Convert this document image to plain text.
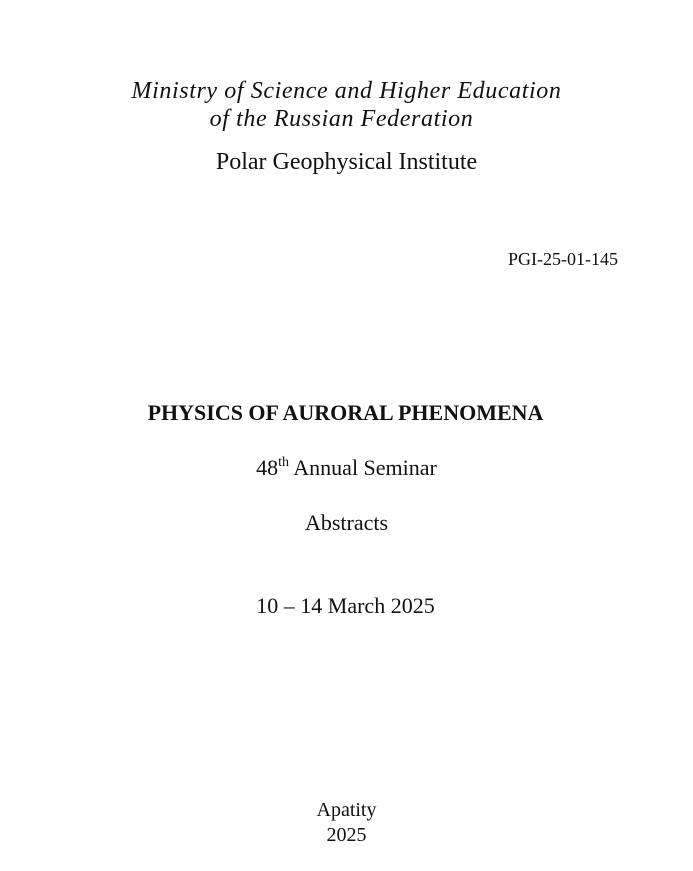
Ministry of Science and Higher Education
of the Russian Federation
Polar Geophysical Institute
PGI-25-01-145
PHYSICS OF AURORAL PHENOMENA
48th Annual Seminar
Abstracts
10 – 14 March 2025
Apatity
2025
